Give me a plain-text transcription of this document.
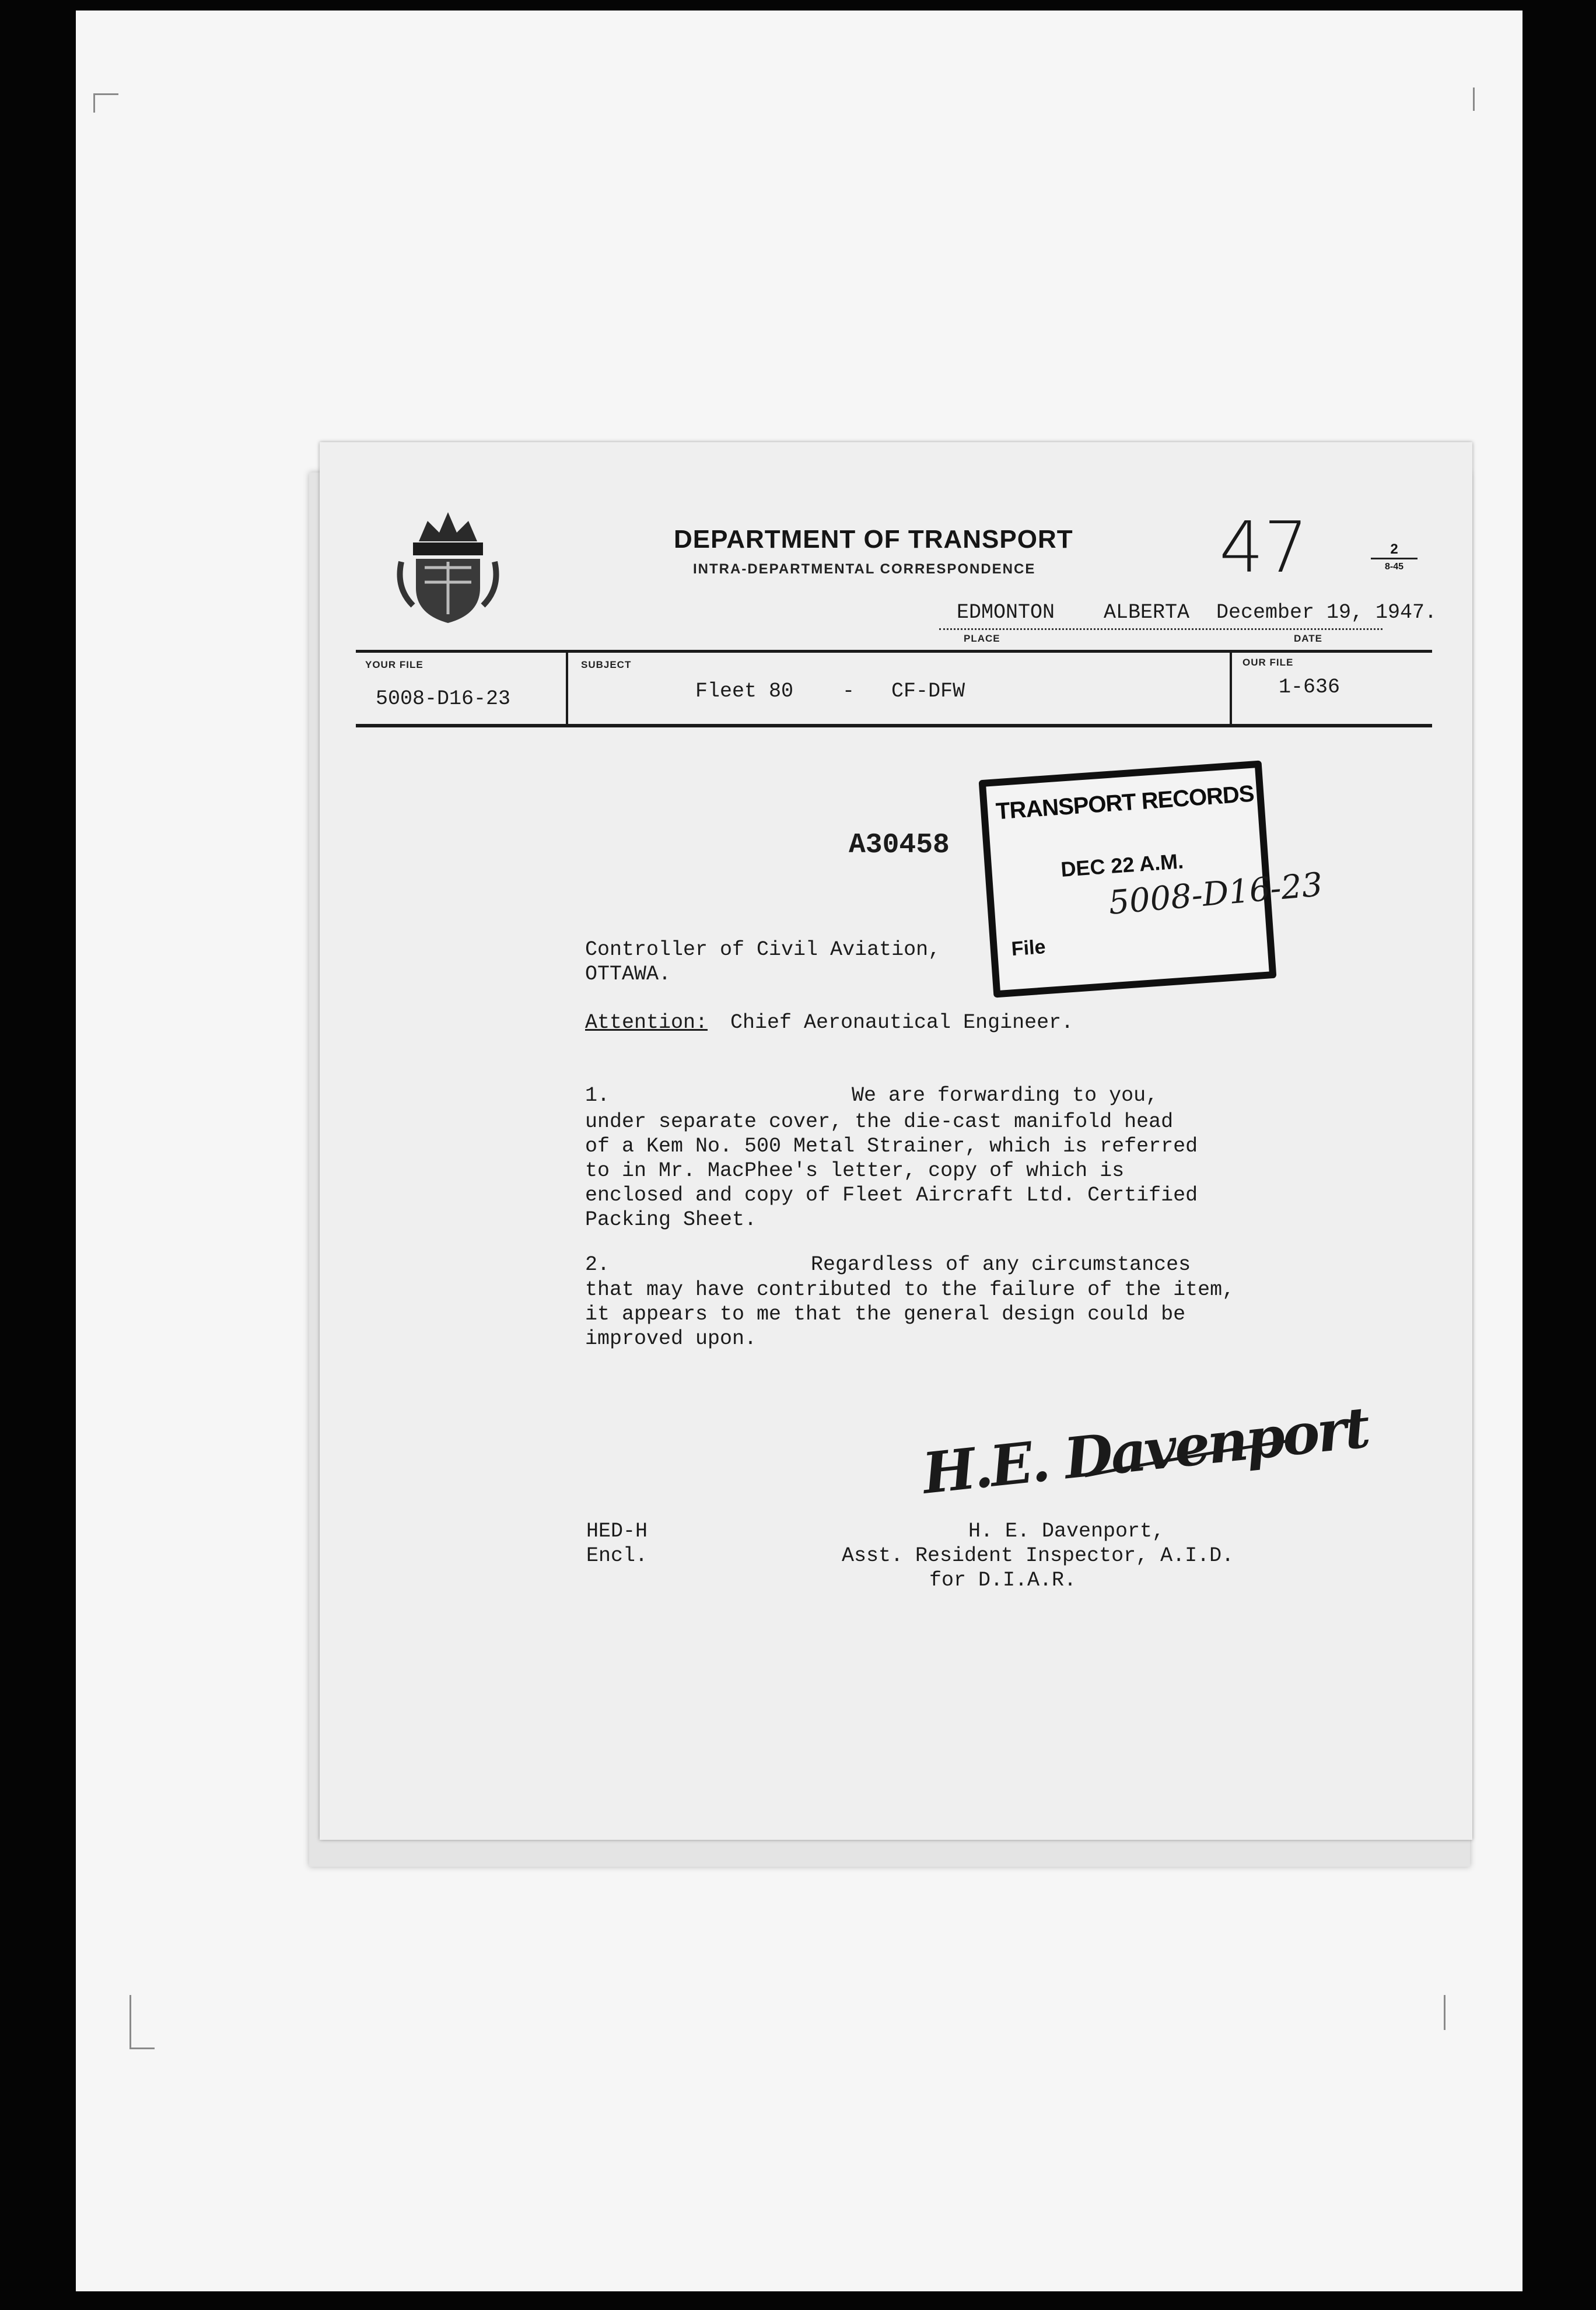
DEPARTMENT OF TRANSPORT
INTRA-DEPARTMENTAL CORRESPONDENCE	47	2
8-45
EDMONTON    ALBERTA December 19, 1947.
PLACE	DATE
YOUR FILE
5008-D16-23
SUBJECT
Fleet 80    -   CF-DFW
OUR FILE
1-636
A30458
TRANSPORT RECORDS
DEC 22 A.M.
File
5008-D16-23
Controller of Civil Aviation,
OTTAWA.
Attention: Chief Aeronautical Engineer.
1.	We are forwarding to you,
under separate cover, the die-cast manifold head
of a Kem No. 500 Metal Strainer, which is referred
to in Mr. MacPhee's letter, copy of which is
enclosed and copy of Fleet Aircraft Ltd. Certified
Packing Sheet.
2.	Regardless of any circumstances
that may have contributed to the failure of the item,
it appears to me that the general design could be
improved upon.
H.E. Davenport
HED-H
Encl.
H. E. Davenport,
Asst. Resident Inspector, A.I.D.
for D.I.A.R.
